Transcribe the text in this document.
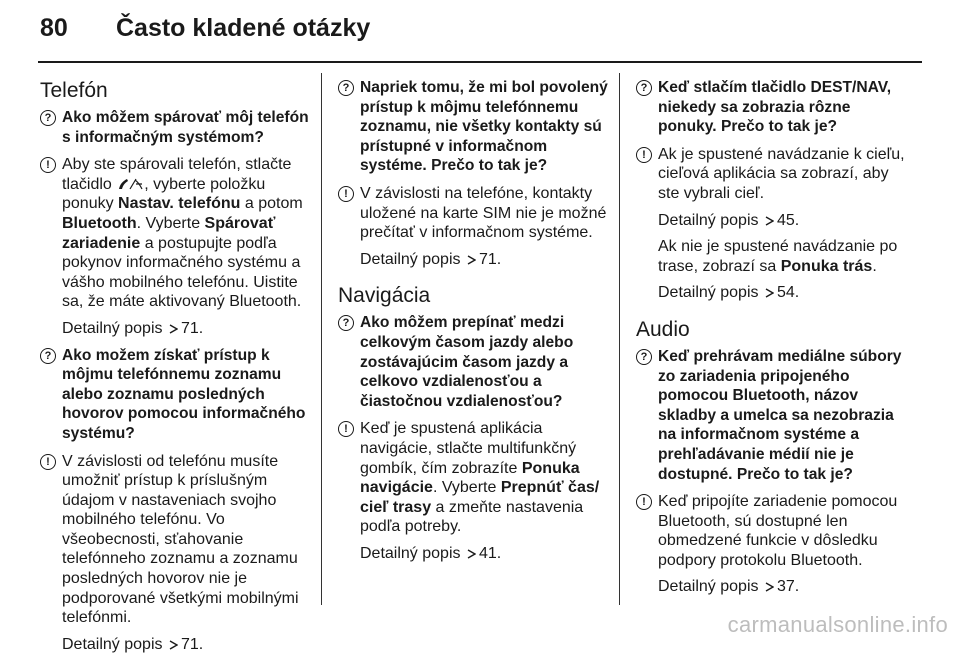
80 Často kladené otázky
Telefón
? Ako môžem spárovať môj telefón s informačným systémom?
! Aby ste spárovali telefón, stlačte tlačidlo , vyberte položku ponuky Nastav. telefónu a potom Bluetooth. Vyberte Spárovať zariadenie a postupujte podľa pokynov informačného systému a vášho mobilného telefónu. Uistite sa, že máte aktivovaný Bluetooth.
Detailný popis 71.
? Ako možem získať prístup k môjmu telefónnemu zoznamu alebo zoznamu posledných hovorov pomocou informačného systému?
! V závislosti od telefónu musíte umožniť prístup k príslušným údajom v nastaveniach svojho mobilného telefónu. Vo všeobecnosti, sťahovanie telefónneho zoznamu a zoznamu posledných hovorov nie je podporované všetkými mobilnými telefónmi.
Detailný popis 71.
? Napriek tomu, že mi bol povolený prístup k môjmu telefónnemu zoznamu, nie všetky kontakty sú prístupné v informačnom systéme. Prečo to tak je?
! V závislosti na telefóne, kontakty uložené na karte SIM nie je možné prečítať v informačnom systéme.
Detailný popis 71.
Navigácia
? Ako môžem prepínať medzi celkovým časom jazdy alebo zostávajúcim časom jazdy a celkovo vzdialenosťou a čiastočnou vzdialenosťou?
! Keď je spustená aplikácia navigácie, stlačte multifunkčný gombík, čím zobrazíte Ponuka navigácie. Vyberte Prepnúť čas/ cieľ trasy a zmeňte nastavenia podľa potreby.
Detailný popis 41.
? Keď stlačím tlačidlo DEST/NAV, niekedy sa zobrazia rôzne ponuky. Prečo to tak je?
! Ak je spustené navádzanie k cieľu, cieľová aplikácia sa zobrazí, aby ste vybrali cieľ.
Detailný popis 45.
Ak nie je spustené navádzanie po trase, zobrazí sa Ponuka trás.
Detailný popis 54.
Audio
? Keď prehrávam mediálne súbory zo zariadenia pripojeného pomocou Bluetooth, názov skladby a umelca sa nezobrazia na informačnom systéme a prehľadávanie médií nie je dostupné. Prečo to tak je?
! Keď pripojíte zariadenie pomocou Bluetooth, sú dostupné len obmedzené funkcie v dôsledku podpory protokolu Bluetooth.
Detailný popis 37.
carmanualsonline.info
